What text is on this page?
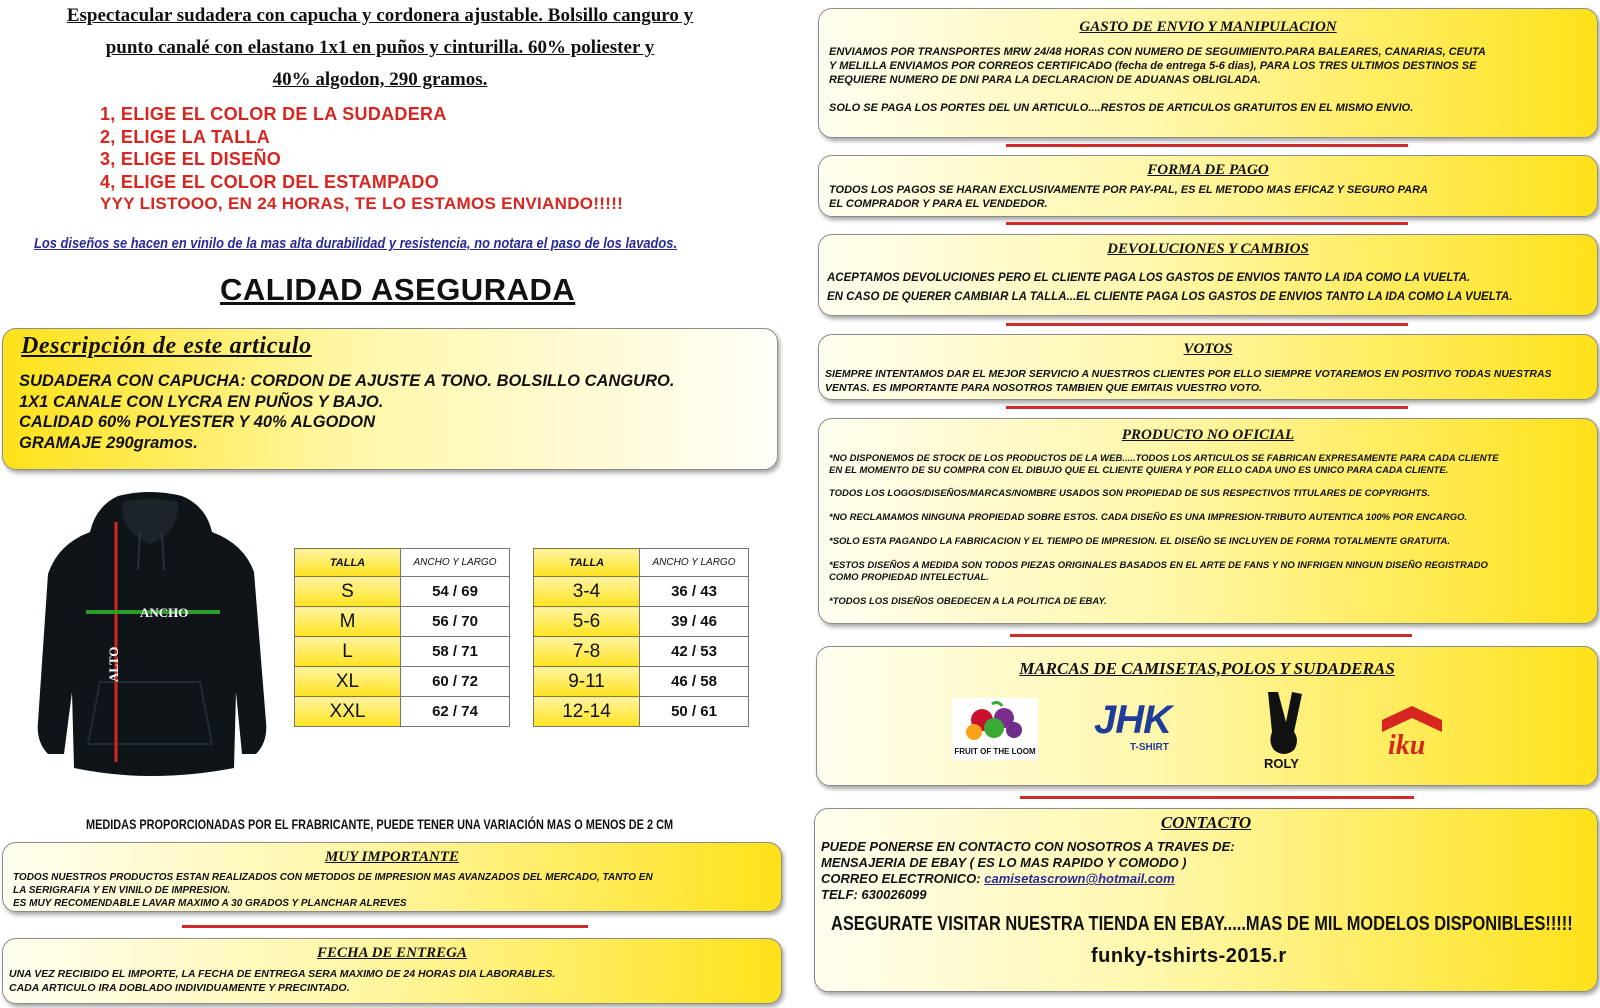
Espectacular sudadera con capucha y cordonera ajustable. Bolsillo canguro y
punto canalé con elastano 1x1 en puños y cinturilla. 60% poliester y
40% algodon, 290 gramos.
1, ELIGE EL COLOR DE LA SUDADERA
2, ELIGE LA TALLA
3, ELIGE EL DISEÑO
4, ELIGE EL COLOR DEL ESTAMPADO
YYY LISTOOO, EN 24 HORAS, TE LO ESTAMOS ENVIANDO!!!!!
Los diseños se hacen en vinilo de la mas alta durabilidad y resistencia, no notara el paso de los lavados.
CALIDAD ASEGURADA
Descripción de este articulo
SUDADERA CON CAPUCHA: CORDON DE AJUSTE A TONO. BOLSILLO CANGURO.
1X1 CANALE CON LYCRA EN PUÑOS Y BAJO.
CALIDAD 60% POLYESTER Y 40% ALGODON
GRAMAJE 290gramos.
ANCHO
ALTO
TALLA	ANCHO Y LARGO
S	54 / 69
M	56 / 70
L	58 / 71
XL	60 / 72
XXL	62 / 74
TALLA	ANCHO Y LARGO
3-4	36 / 43
5-6	39 / 46
7-8	42 / 53
9-11	46 / 58
12-14	50 / 61
MEDIDAS PROPORCIONADAS POR EL FRABRICANTE, PUEDE TENER UNA VARIACIÓN MAS O MENOS DE 2 CM
MUY IMPORTANTE
TODOS NUESTROS PRODUCTOS ESTAN REALIZADOS CON METODOS DE IMPRESION MAS AVANZADOS DEL MERCADO, TANTO EN
LA SERIGRAFIA Y EN VINILO DE IMPRESION.
ES MUY RECOMENDABLE LAVAR MAXIMO A 30 GRADOS Y PLANCHAR ALREVES
FECHA DE ENTREGA
UNA VEZ RECIBIDO EL IMPORTE, LA FECHA DE ENTREGA SERA MAXIMO DE 24 HORAS DIA LABORABLES.
CADA ARTICULO IRA DOBLADO INDIVIDUAMENTE Y PRECINTADO.
GASTO DE ENVIO Y MANIPULACION
ENVIAMOS POR TRANSPORTES MRW 24/48 HORAS CON NUMERO DE SEGUIMIENTO.PARA BALEARES, CANARIAS, CEUTA
Y MELILLA ENVIAMOS POR CORREOS CERTIFICADO (fecha de entrega 5-6 dias), PARA LOS TRES ULTIMOS DESTINOS SE
REQUIERE NUMERO DE DNI PARA LA DECLARACION DE ADUANAS OBLIGLADA.
SOLO SE PAGA LOS PORTES DEL UN ARTICULO....RESTOS DE ARTICULOS GRATUITOS EN EL MISMO ENVIO.
FORMA DE PAGO
TODOS LOS PAGOS SE HARAN EXCLUSIVAMENTE POR PAY-PAL, ES EL METODO MAS EFICAZ Y SEGURO PARA
EL COMPRADOR Y PARA EL VENDEDOR.
DEVOLUCIONES Y CAMBIOS
ACEPTAMOS DEVOLUCIONES PERO EL CLIENTE PAGA LOS GASTOS DE ENVIOS TANTO LA IDA COMO LA VUELTA.
EN CASO DE QUERER CAMBIAR LA TALLA...EL CLIENTE PAGA LOS GASTOS DE ENVIOS TANTO LA IDA COMO LA VUELTA.
VOTOS
SIEMPRE INTENTAMOS DAR EL MEJOR SERVICIO A NUESTROS CLIENTES POR ELLO SIEMPRE VOTAREMOS EN POSITIVO TODAS NUESTRAS
VENTAS. ES IMPORTANTE PARA NOSOTROS TAMBIEN QUE EMITAIS VUESTRO VOTO.
PRODUCTO NO OFICIAL
*NO DISPONEMOS DE STOCK DE LOS PRODUCTOS DE LA WEB.....TODOS LOS ARTICULOS SE FABRICAN EXPRESAMENTE PARA CADA CLIENTE
EN EL MOMENTO DE SU COMPRA CON EL DIBUJO QUE EL CLIENTE QUIERA Y POR ELLO CADA UNO ES UNICO PARA CADA CLIENTE.
TODOS LOS LOGOS/DISEÑOS/MARCAS/NOMBRE USADOS SON PROPIEDAD DE SUS RESPECTIVOS TITULARES DE COPYRIGHTS.
*NO RECLAMAMOS NINGUNA PROPIEDAD SOBRE ESTOS. CADA DISEÑO ES UNA IMPRESION-TRIBUTO AUTENTICA 100% POR ENCARGO.
*SOLO ESTA PAGANDO LA FABRICACION Y EL TIEMPO DE IMPRESION. EL DISEÑO SE INCLUYEN DE FORMA TOTALMENTE GRATUITA.
*ESTOS DISEÑOS A MEDIDA SON TODOS PIEZAS ORIGINALES BASADOS EN EL ARTE DE FANS Y NO INFRIGEN NINGUN DISEÑO REGISTRADO
COMO PROPIEDAD INTELECTUAL.
*TODOS LOS DISEÑOS OBEDECEN A LA POLITICA DE EBAY.
MARCAS DE CAMISETAS,POLOS Y SUDADERAS
FRUIT OF THE LOOM
JHK
T-SHIRT
ROLY
iku
CONTACTO
PUEDE PONERSE EN CONTACTO CON NOSOTROS A TRAVES DE:
MENSAJERIA DE EBAY ( ES LO MAS RAPIDO Y COMODO )
CORREO ELECTRONICO: camisetascrown@hotmail.com
TELF: 630026099
ASEGURATE VISITAR NUESTRA TIENDA EN EBAY.....MAS DE MIL MODELOS DISPONIBLES!!!!!
funky-tshirts-2015.r
